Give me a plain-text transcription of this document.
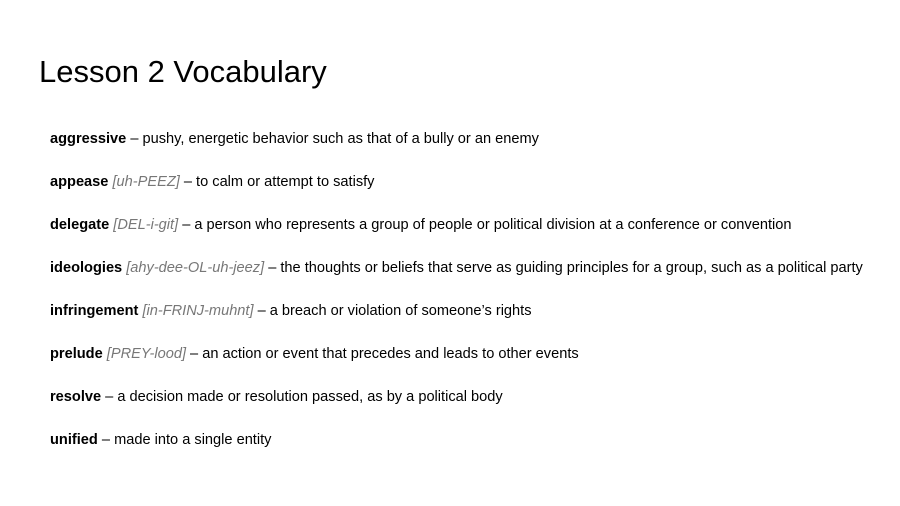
Lesson 2 Vocabulary
aggressive – pushy, energetic behavior such as that of a bully or an enemy
appease [uh-PEEZ] – to calm or attempt to satisfy
delegate [DEL-i-git] – a person who represents a group of people or political division at a conference or convention
ideologies [ahy-dee-OL-uh-jeez] – the thoughts or beliefs that serve as guiding principles for a group, such as a political party
infringement [in-FRINJ-muhnt] – a breach or violation of someone’s rights
prelude [PREY-lood] – an action or event that precedes and leads to other events
resolve – a decision made or resolution passed, as by a political body
unified – made into a single entity
